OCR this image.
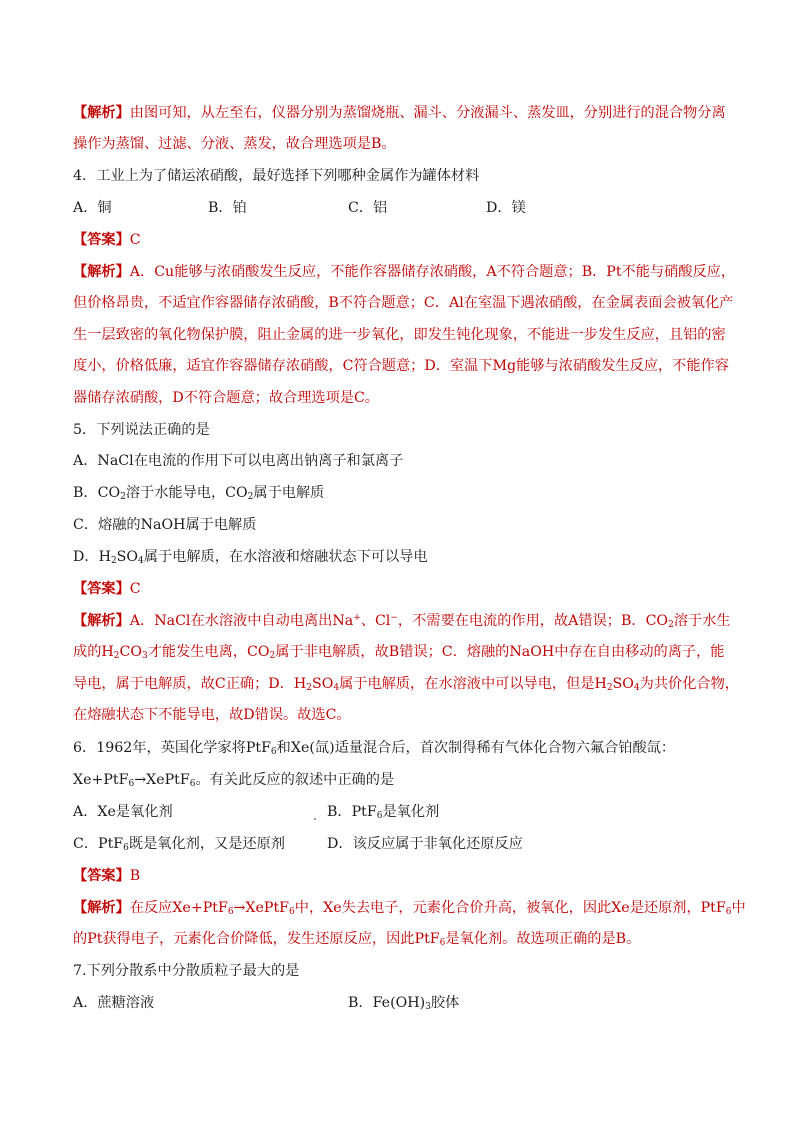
【解析】由图可知，从左至右，仪器分别为蒸馏烧瓶、漏斗、分液漏斗、蒸发皿，分别进行的混合物分离
操作为蒸馏、过滤、分液、蒸发，故合理选项是B。
4．工业上为了储运浓硝酸，最好选择下列哪种金属作为罐体材料
A．铜	B．铂	C．铝	D．镁
【答案】C
【解析】A．Cu能够与浓硝酸发生反应，不能作容器储存浓硝酸，A不符合题意；B．Pt不能与硝酸反应，
但价格昂贵，不适宜作容器储存浓硝酸，B不符合题意；C．Al在室温下遇浓硝酸，在金属表面会被氧化产
生一层致密的氧化物保护膜，阻止金属的进一步氧化，即发生钝化现象，不能进一步发生反应，且铝的密
度小，价格低廉，适宜作容器储存浓硝酸，C符合题意；D．室温下Mg能够与浓硝酸发生反应，不能作容
器储存浓硝酸，D不符合题意；故合理选项是C。
5．下列说法正确的是
A．NaCl在电流的作用下可以电离出钠离子和氯离子
B．$CO_2$溶于水能导电，$CO_2$属于电解质
C．熔融的NaOH属于电解质
D．$H_2SO_4$属于电解质，在水溶液和熔融状态下可以导电
【答案】C
【解析】A．NaCl在水溶液中自动电离出Na+、Cl−，不需要在电流的作用，故A错误；B．$CO_2$溶于水生
成的$H_2CO_3$才能发生电离，$CO_2$属于非电解质，故B错误；C．熔融的NaOH中存在自由移动的离子，能
导电，属于电解质，故C正确；D．$H_2SO_4$属于电解质，在水溶液中可以导电，但是$H_2SO_4$为共价化合物，
在熔融状态下不能导电，故D错误。故选C。
6．1962年，英国化学家将PtF$_6$和Xe(氙)适量混合后，首次制得稀有气体化合物六氟合铂酸氙：
Xe+PtF$_6$→XePtF$_6$。有关此反应的叙述中正确的是
A．Xe是氧化剂	B．PtF$_6$是氧化剂
C．PtF$_6$既是氧化剂，又是还原剂	D．该反应属于非氧化还原反应
【答案】B
【解析】在反应Xe+PtF$_6$→XePtF$_6$中，Xe失去电子，元素化合价升高，被氧化，因此Xe是还原剂，PtF$_6$中
的Pt获得电子，元素化合价降低，发生还原反应，因此PtF$_6$是氧化剂。故选项正确的是B。
7.下列分散系中分散质粒子最大的是
A．蔗糖溶液	B．$Fe(OH)_3$胶体
